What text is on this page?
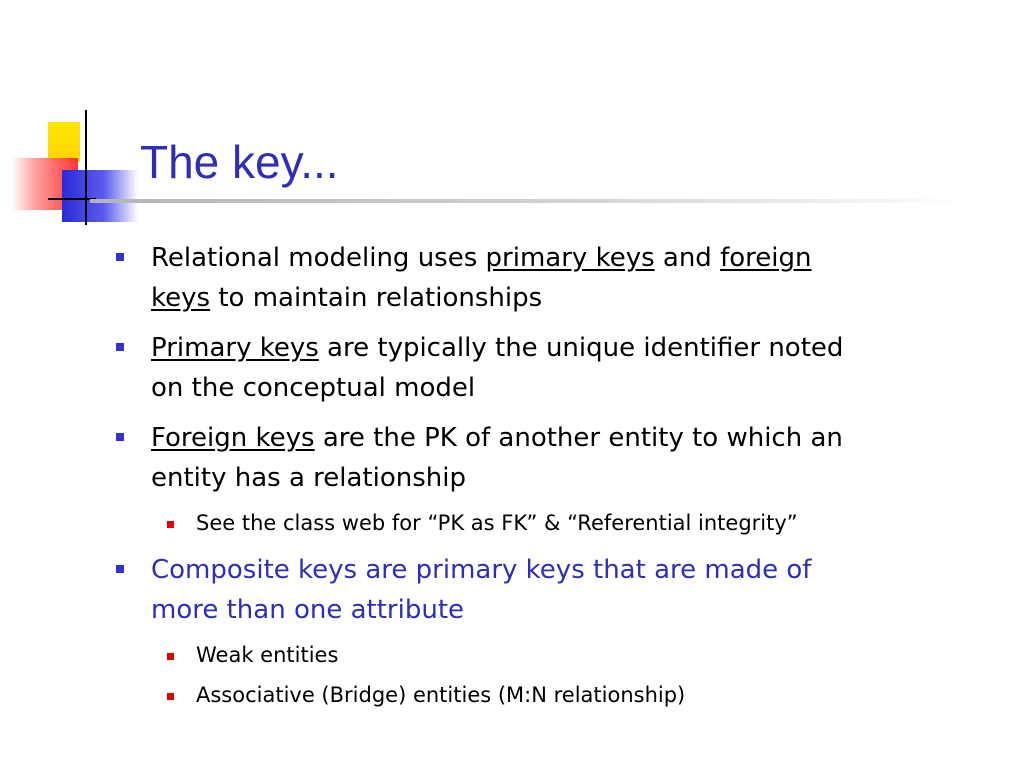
The key...
Relational modeling uses primary keys and foreign
keys to maintain relationships
Primary keys are typically the unique identifier noted
on the conceptual model
Foreign keys are the PK of another entity to which an
entity has a relationship
See the class web for “PK as FK” & “Referential integrity”
Composite keys are primary keys that are made of
more than one attribute
Weak entities
Associative (Bridge) entities (M:N relationship)
